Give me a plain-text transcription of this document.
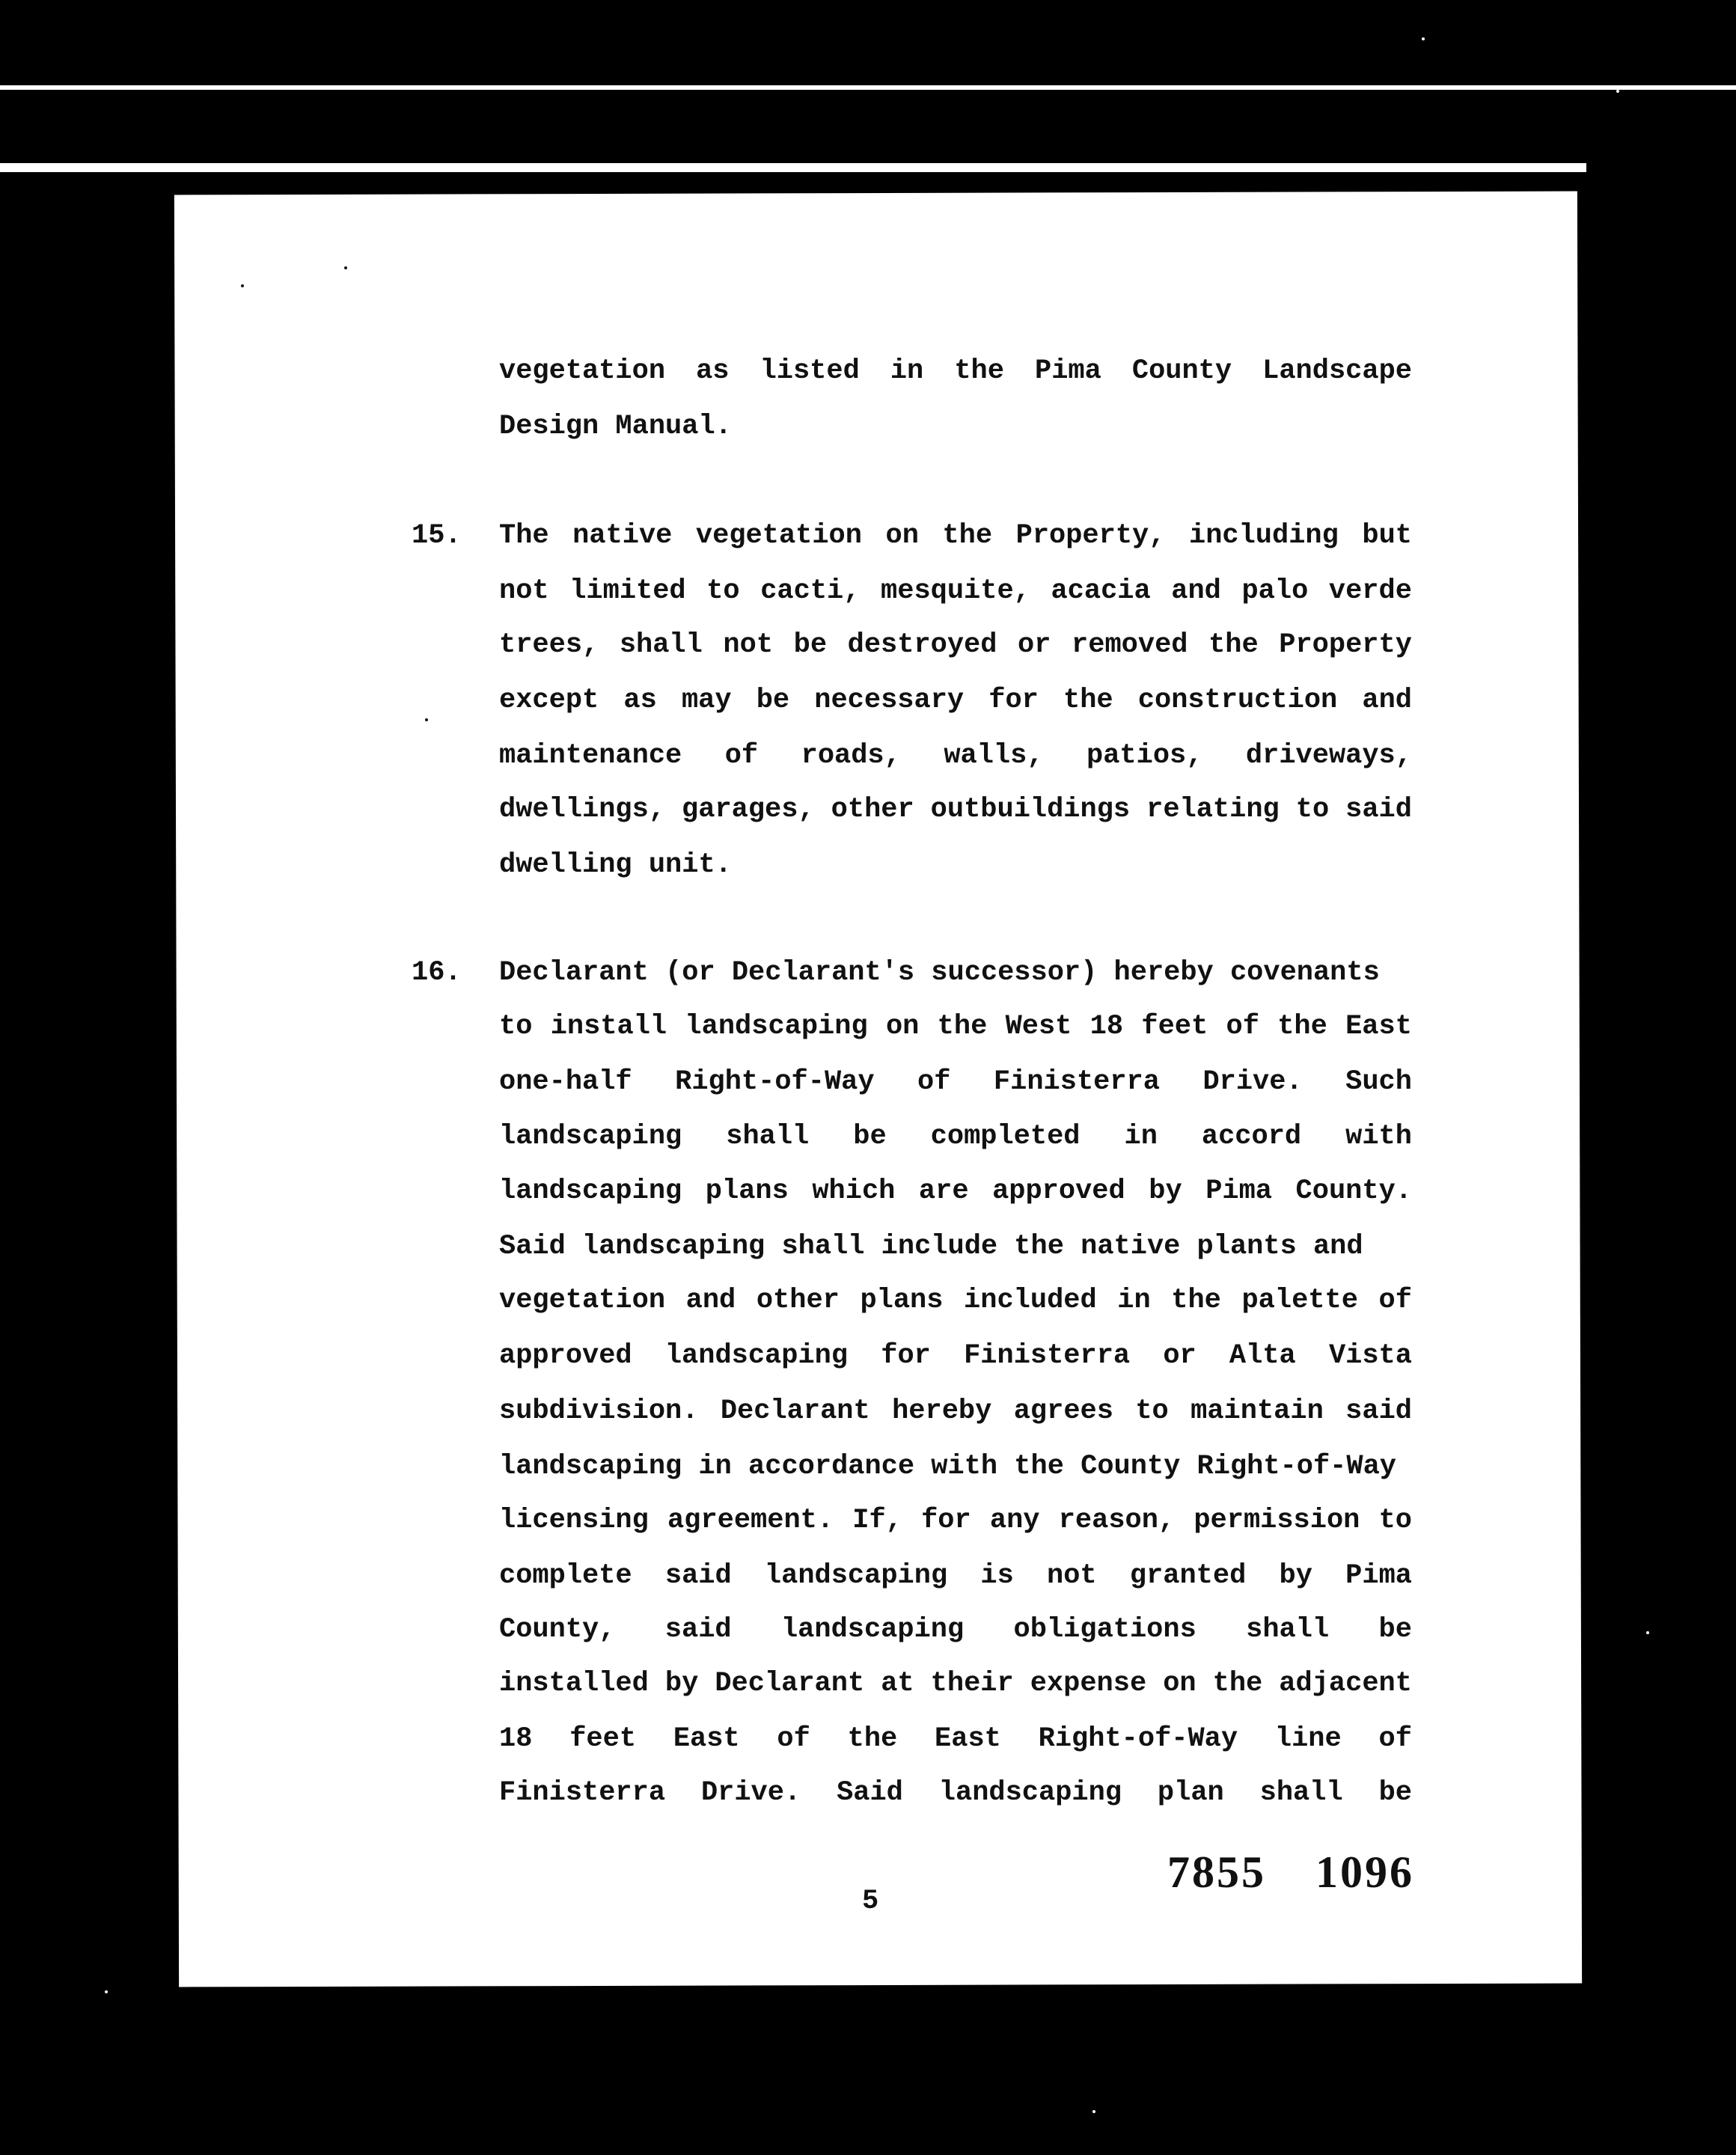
vegetation as listed in the Pima County Landscape
Design Manual.
15. The native vegetation on the Property, including but
not limited to cacti, mesquite, acacia and palo verde
trees, shall not be destroyed or removed the Property
except as may be necessary for the construction and
maintenance of roads, walls, patios, driveways,
dwellings, garages, other outbuildings relating to said
dwelling unit.
16. Declarant (or Declarant's successor) hereby covenants
to install landscaping on the West 18 feet of the East
one-half Right-of-Way of Finisterra Drive. Such
landscaping shall be completed in accord with
landscaping plans which are approved by Pima County.
Said landscaping shall include the native plants and
vegetation and other plans included in the palette of
approved landscaping for Finisterra or Alta Vista
subdivision. Declarant hereby agrees to maintain said
landscaping in accordance with the County Right-of-Way
licensing agreement. If, for any reason, permission to
complete said landscaping is not granted by Pima
County, said landscaping obligations shall be
installed by Declarant at their expense on the adjacent
18 feet East of the East Right-of-Way line of
Finisterra Drive. Said landscaping plan shall be
5
7855 1096
